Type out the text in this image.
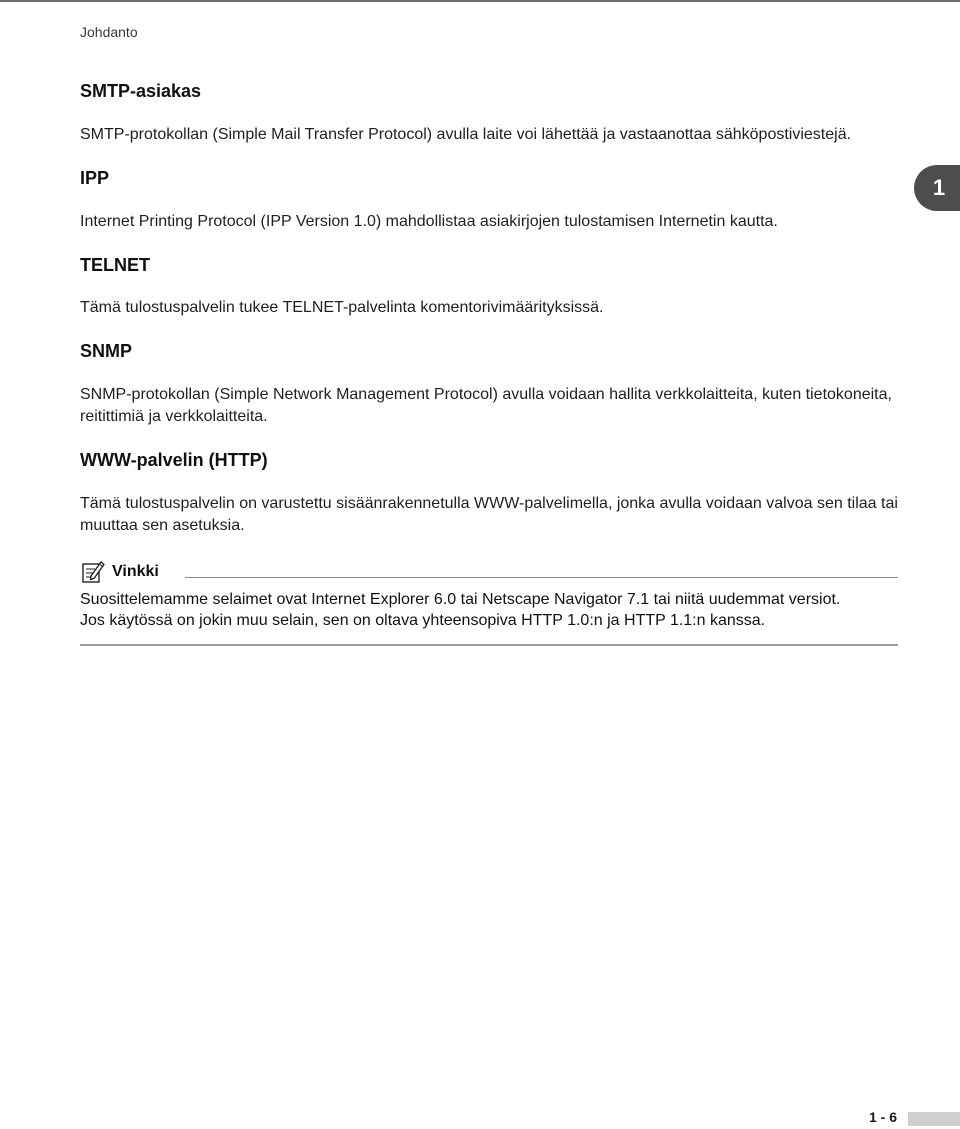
Johdanto
1
SMTP-asiakas

SMTP-protokollan (Simple Mail Transfer Protocol) avulla laite voi lähettää ja vastaanottaa sähköpostiviestejä.

IPP

Internet Printing Protocol (IPP Version 1.0) mahdollistaa asiakirjojen tulostamisen Internetin kautta.

TELNET

Tämä tulostuspalvelin tukee TELNET-palvelinta komentorivimäärityksissä.

SNMP

SNMP-protokollan (Simple Network Management Protocol) avulla voidaan hallita verkkolaitteita, kuten tietokoneita, reitittimiä ja verkkolaitteita.

WWW-palvelin (HTTP)

Tämä tulostuspalvelin on varustettu sisäänrakennetulla WWW-palvelimella, jonka avulla voidaan valvoa sen tilaa tai muuttaa sen asetuksia.

Vinkki

Suosittelemamme selaimet ovat Internet Explorer 6.0 tai Netscape Navigator 7.1 tai niitä uudemmat versiot.

Jos käytössä on jokin muu selain, sen on oltava yhteensopiva HTTP 1.0:n ja HTTP 1.1:n kanssa.

1 - 6
